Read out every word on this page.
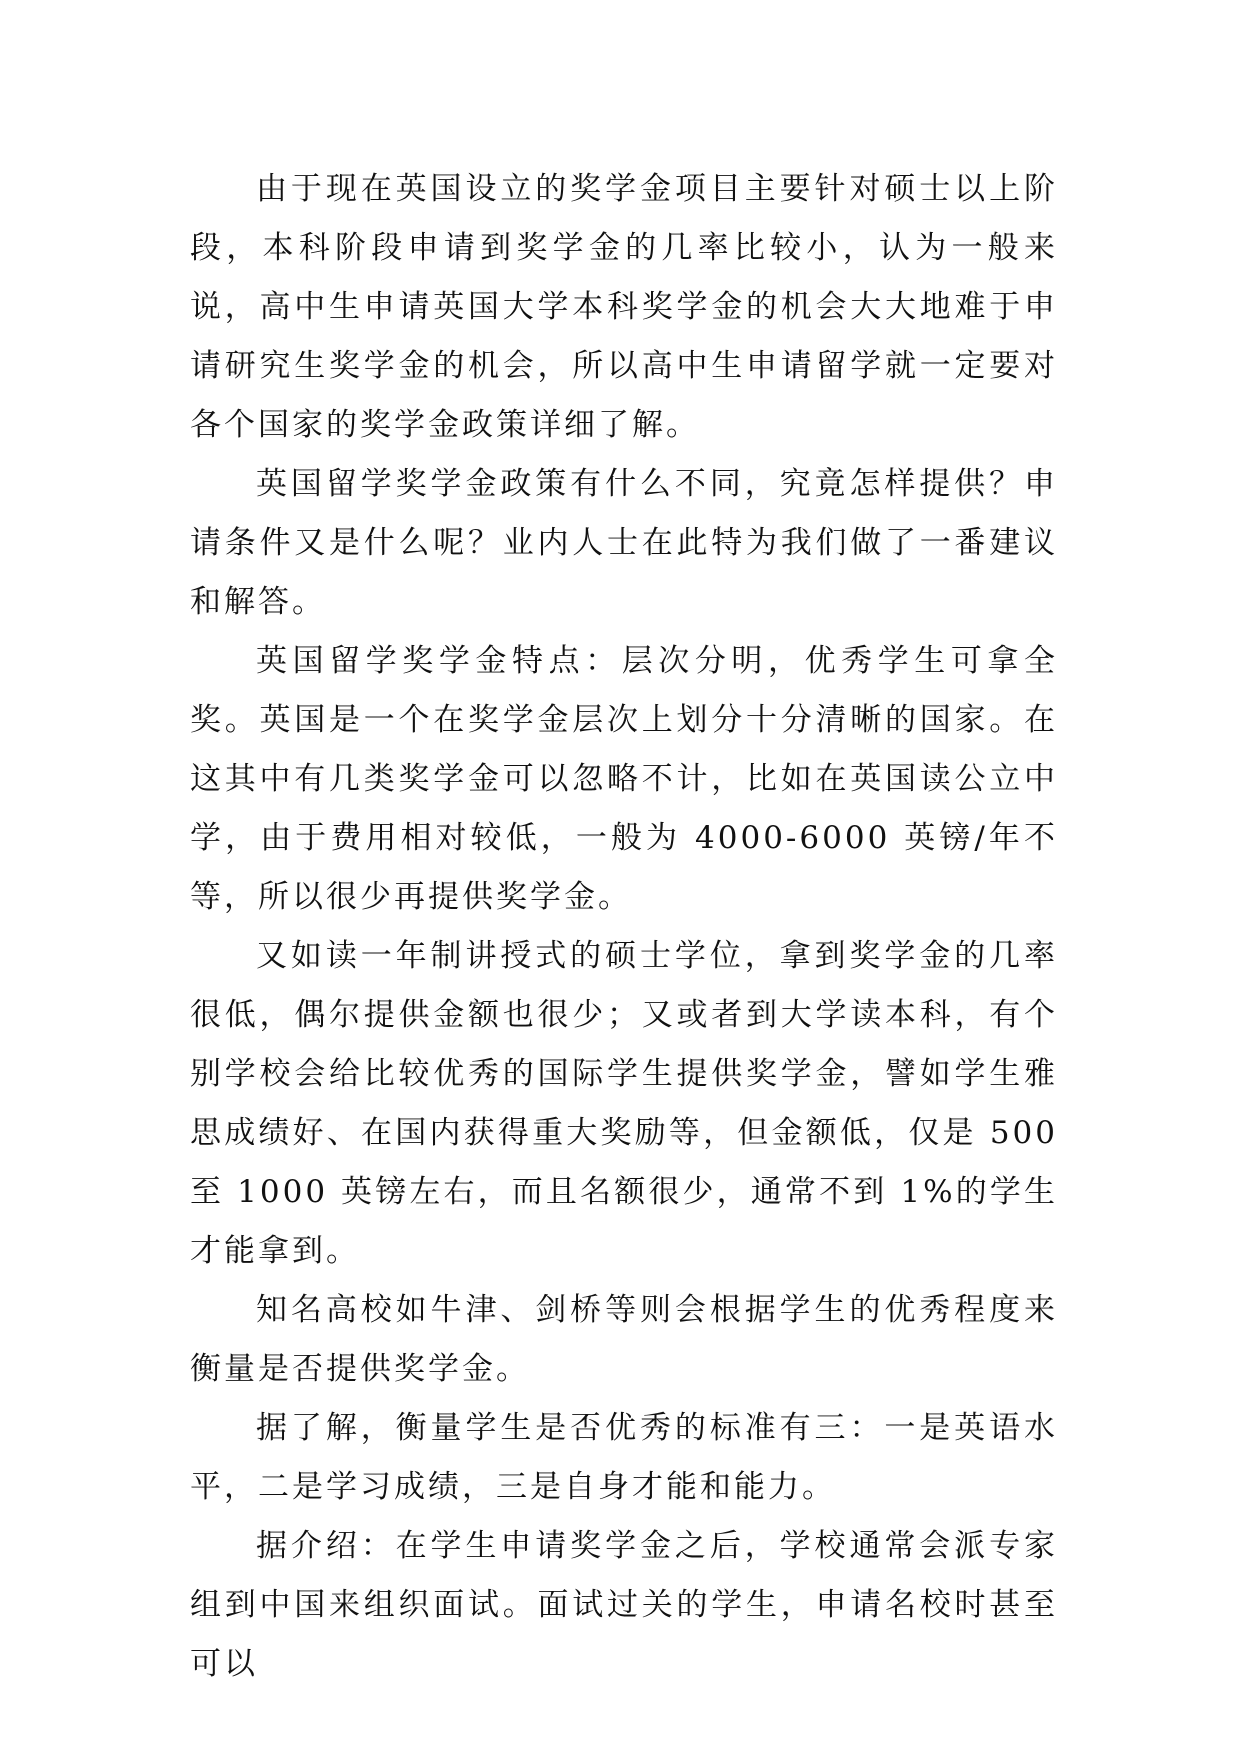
由于现在英国设立的奖学金项目主要针对硕士以上阶段，本科阶段申请到奖学金的几率比较小，认为一般来说，高中生申请英国大学本科奖学金的机会大大地难于申请研究生奖学金的机会，所以高中生申请留学就一定要对各个国家的奖学金政策详细了解。

英国留学奖学金政策有什么不同，究竟怎样提供？申请条件又是什么呢？业内人士在此特为我们做了一番建议和解答。

英国留学奖学金特点：层次分明，优秀学生可拿全奖。英国是一个在奖学金层次上划分十分清晰的国家。在这其中有几类奖学金可以忽略不计，比如在英国读公立中学，由于费用相对较低，一般为 4000-6000 英镑/年不等，所以很少再提供奖学金。

又如读一年制讲授式的硕士学位，拿到奖学金的几率很低，偶尔提供金额也很少；又或者到大学读本科，有个别学校会给比较优秀的国际学生提供奖学金，譬如学生雅思成绩好、在国内获得重大奖励等，但金额低，仅是 500 至 1000 英镑左右，而且名额很少，通常不到 1%的学生才能拿到。

知名高校如牛津、剑桥等则会根据学生的优秀程度来衡量是否提供奖学金。

据了解，衡量学生是否优秀的标准有三：一是英语水平，二是学习成绩，三是自身才能和能力。

据介绍：在学生申请奖学金之后，学校通常会派专家组到中国来组织面试。面试过关的学生，申请名校时甚至可以
